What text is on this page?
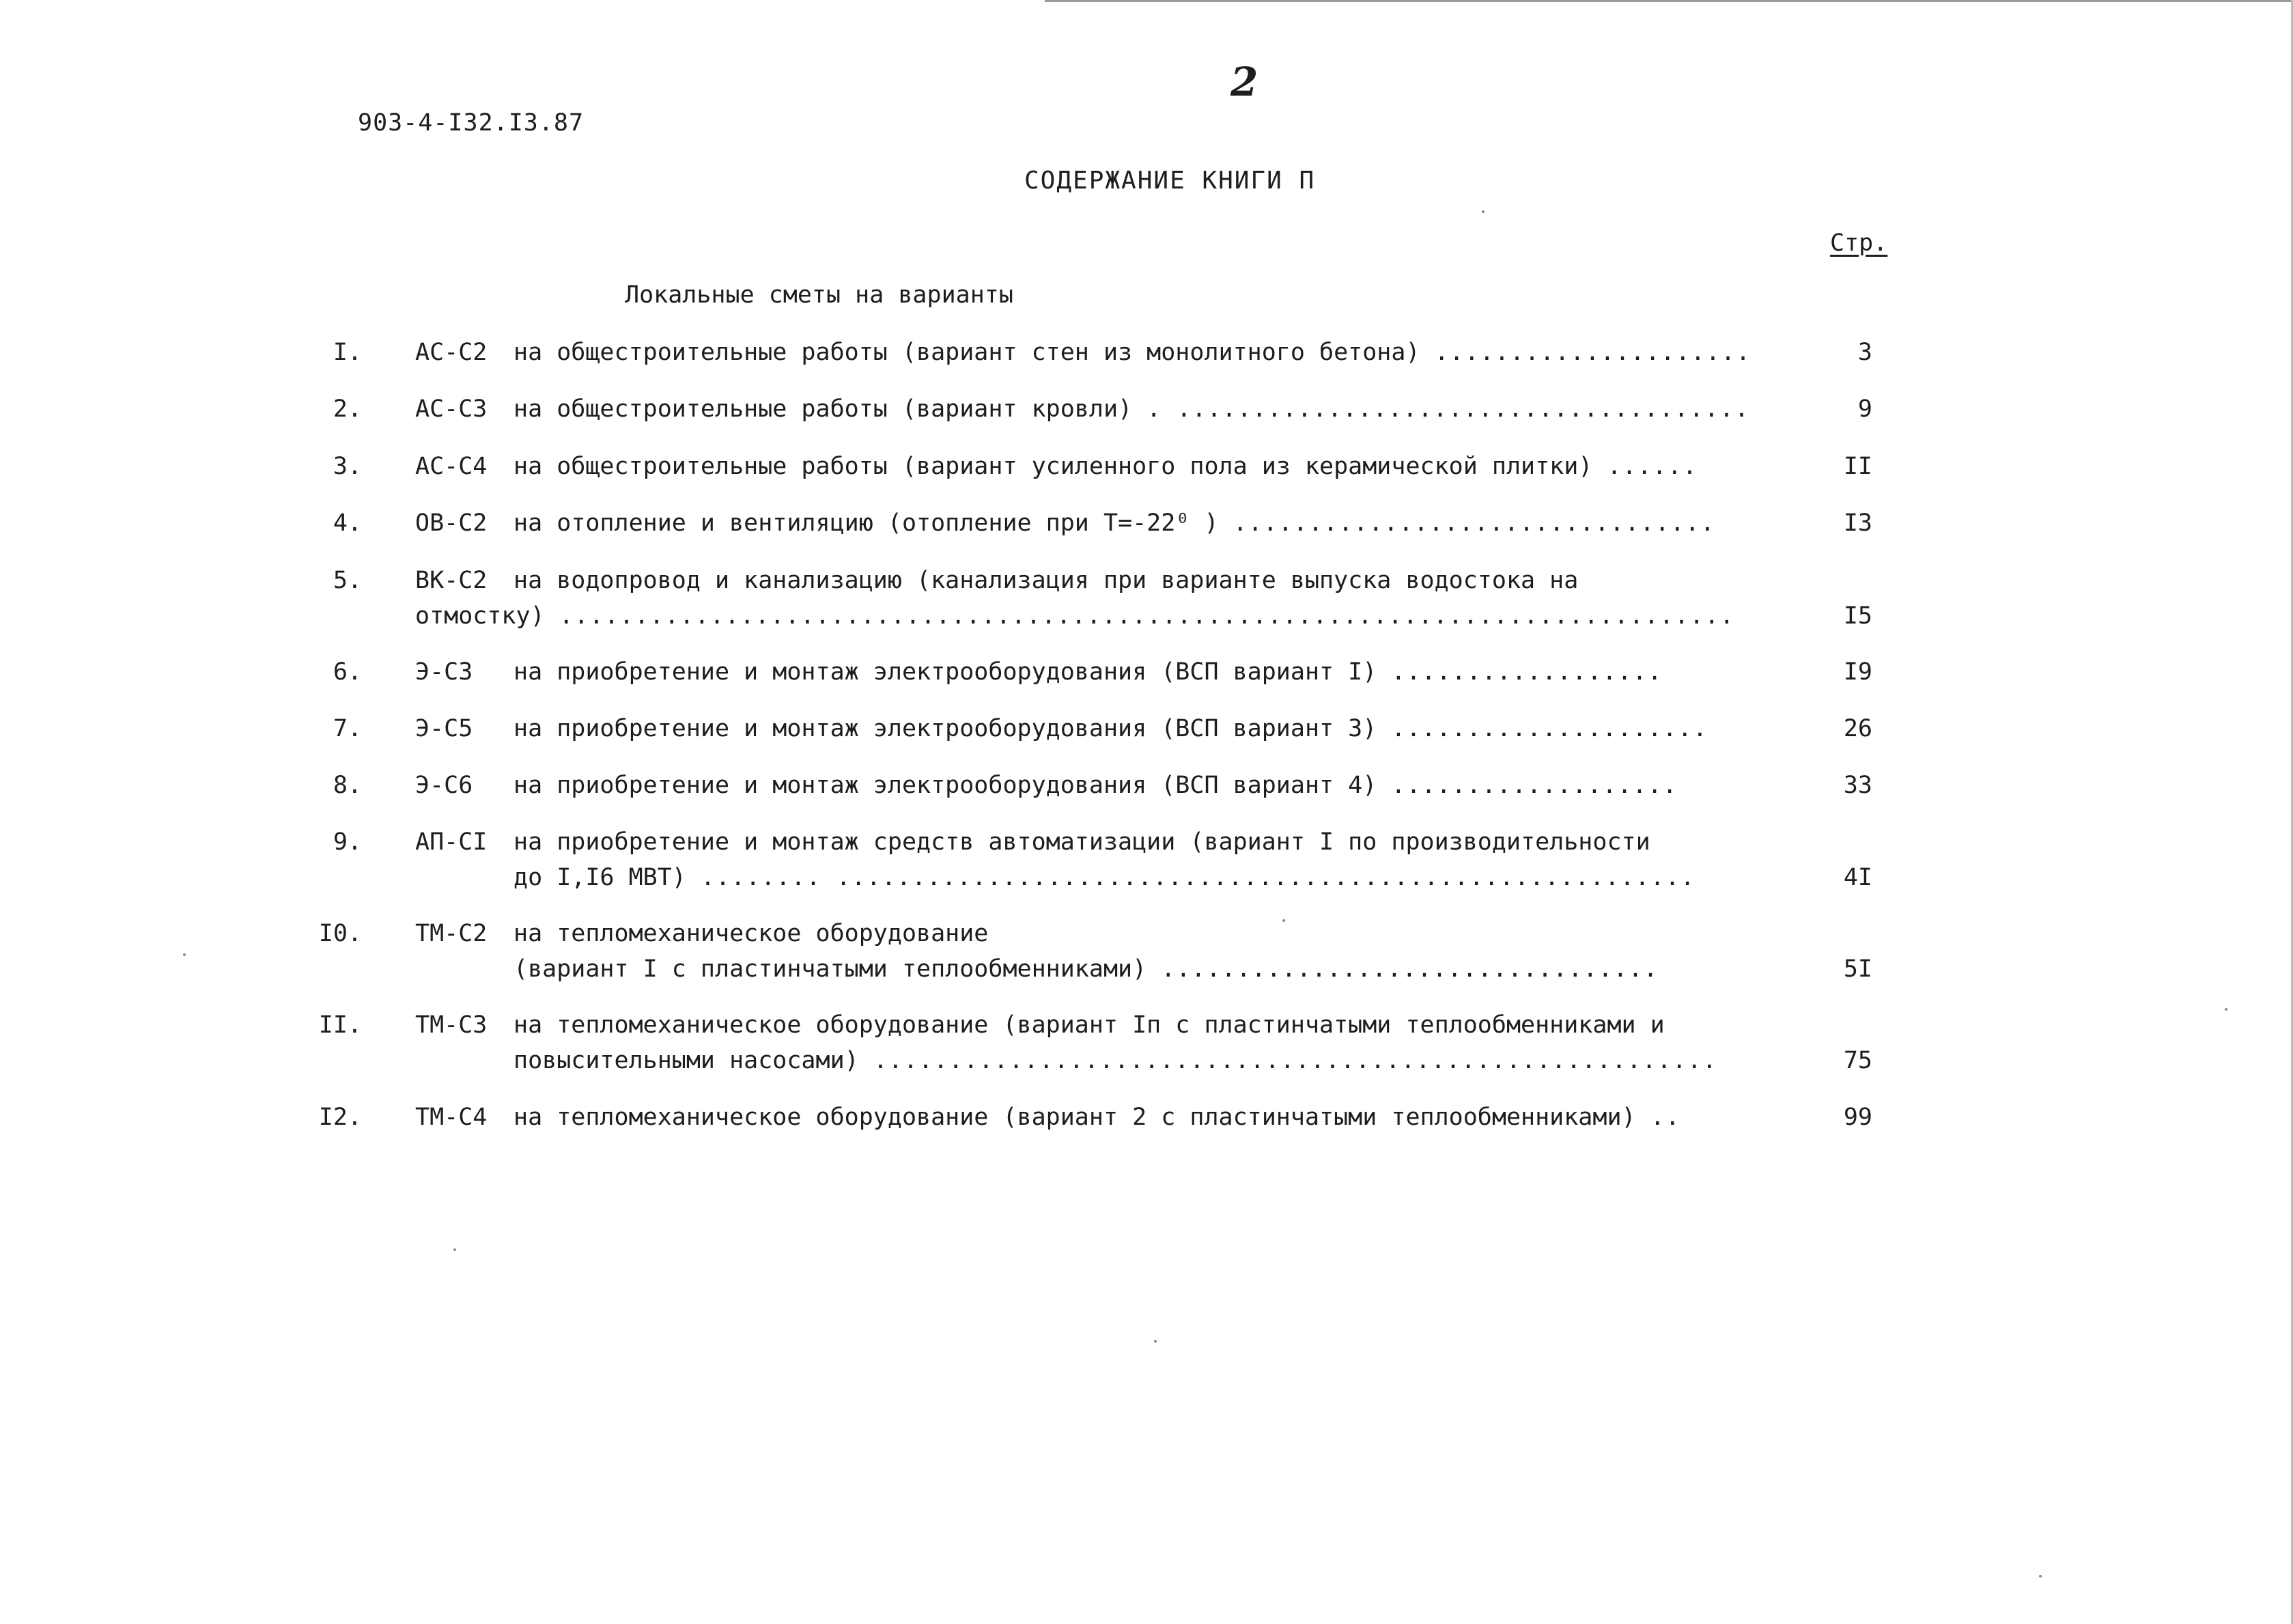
903-4-I32.I3.87
2
СОДЕРЖАНИЕ КНИГИ П
Стр.
Локальные сметы на варианты
I. АС-С2 на общестроительные работы (вариант стен из монолитного бетона) .....................	3
2. АС-С3 на общестроительные работы (вариант кровли) . ......................................	9
3. АС-С4 на общестроительные работы (вариант усиленного пола из керамической плитки) ......	II
4. ОВ-С2 на отопление и вентиляцию (отопление при Т=-22⁰ ) ................................	I3
5. ВК-С2 на водопровод и канализацию (канализация при варианте выпуска водостока на
отмостку) ..............................................................................	I5
6. Э-С3 на приобретение и монтаж электрооборудования (ВСП вариант I) ..................	I9
7. Э-С5 на приобретение и монтаж электрооборудования (ВСП вариант 3) .....................	26
8. Э-С6 на приобретение и монтаж электрооборудования (ВСП вариант 4) ...................	33
9. АП-СI на приобретение и монтаж средств автоматизации (вариант I по производительности
до I,I6 МВТ) ........ .........................................................	4I
I0. ТМ-С2 на тепломеханическое оборудование
(вариант I с пластинчатыми теплообменниками) .................................	5I
II. ТМ-С3 на тепломеханическое оборудование (вариант Iп с пластинчатыми теплообменниками и
повысительными насосами) ........................................................	75
I2. ТМ-С4 на тепломеханическое оборудование (вариант 2 с пластинчатыми теплообменниками) ..	99
